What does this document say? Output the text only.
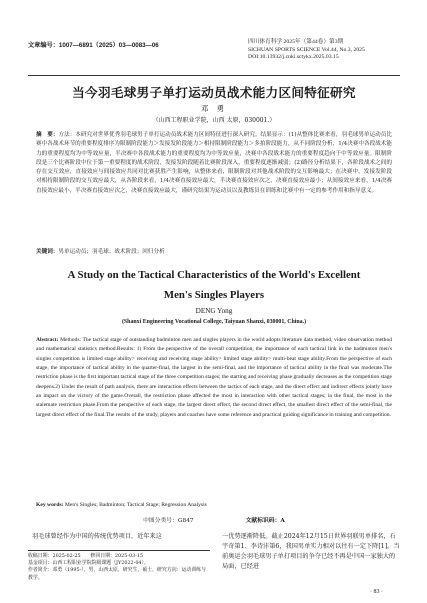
文章编号：1007—6891（2025）03—0083—06	四川体育科学 2025年（第44卷）第3期
SICHUAN SPORTS SCIENCE Vol.44, No.3, 2025
DOI:10.13932/j.cnki.sctykx.2025.03.15
当今羽毛球男子单打运动员战术能力区间特征研究
邓 勇
（山西工程职业学院，山西 太原，030001.）
摘　要：方法：本研究对世界优秀羽毛球男子单打运动员战术能力区间特征进行深入研究。结果显示：(1)从整体比赛来看，羽毛球男单运动员比赛中各战术环节的重要程度排序为限制阶段能力＞发接发阶段能力＞相持限制阶段能力＞多拍阶段能力，从不同阶段分析，1/4决赛中各段战术能力的重要程度均为中等效应量，半决赛中各段战术能力的重要程度均为中等效应量，决赛中各段战术能力的重要程度趋向于中等效应量。限制阶段是三个比赛阶段中位于第一重要程度的战术阶段，发接发阶段随着比赛阶段深入，重要程度逐渐减弱；(2)路径分析结果下，各阶段战术之间的存在交互效应，直接效应与间接效应共同对比赛获胜产生影响，从整体来看，限制阶段对其他战术阶段的交互影响最大；在决赛中，发接发阶段对相持限制阶段的交互效应最大，从各阶段来看，1/4决赛直接效应最大，半决赛直接效应次之，决赛直接效应最小；从间接效应来看，1/4决赛直接效应最小，半决赛直接效应次之，决赛直接效应最大，谨研究结果为运动员以及教练员在训练和比赛中有一定的参考作用和指导意义。
关键词：男单运动员；羽毛球；战术阶段；回归分析
A Study on the Tactical Characteristics of the World's Excellent
Men's Singles Players
DENG Yong
(Shanxi Engineering Vocational College, Taiyuan Shanxi, 030001, China.)
Abstract: Methods: The tactical stage of outstanding badminton men and singles players in the world adopts literature data method, video observation method and mathematical statistics method.Results: 1) From the perspective of the overall competition, the importance of each tactical link in the badminton men's singles competition is limited stage ability> receiving and receiving stage ability> limited stage ability> multi-beat stage ability.From the perspective of each stage, the importance of tactical ability in the quarter-final, the largest in the semi-final, and the importance of tactical ability in the final was moderate.The restriction phase is the first important tactical stage of the three competition stages; the starting and receiving phase gradually decreases as the competition stage deepens.2) Under the result of path analysis, there are interaction effects between the tactics of each stage, and the direct effect and indirect effects jointly have an impact on the victory of the game.Overall, the restriction phase affected the most in interaction with other tactical stages; in the final, the most in the stalemate restriction phase.From the perspective of each stage, the largest direct effect, the second direct effect, the smallest direct effect of the semi-final, the largest direct effect of the final.The results of the study, players and coaches have some reference and practical guiding significance in training and competition.
Key words: Men's Singles; Badminton; Tactical Stage; Regression Analysis
中图分类号：G847	文献标识码：A
羽毛球曾经作为中国的传统优势项目，近年来这	一优势逐渐降低。截止2024年12月15日世界羽联男单排名，石宇奇第1、李诗沣第6，我国男单实力相对以往有一定下降[1]。当前奥运会羽毛球男子单打项目的争夺已经不再是中国一家独大的局面，已经进
收稿日期：2025-02-25　　修回日期：2025-03-15
基金项目：山西工程职业学院院级课题（JY2022-04）。
作者简介：邓勇（1995-），男，山西太原，研究生，硕士，研究方向：运动训练与教学。
· 83 ·
